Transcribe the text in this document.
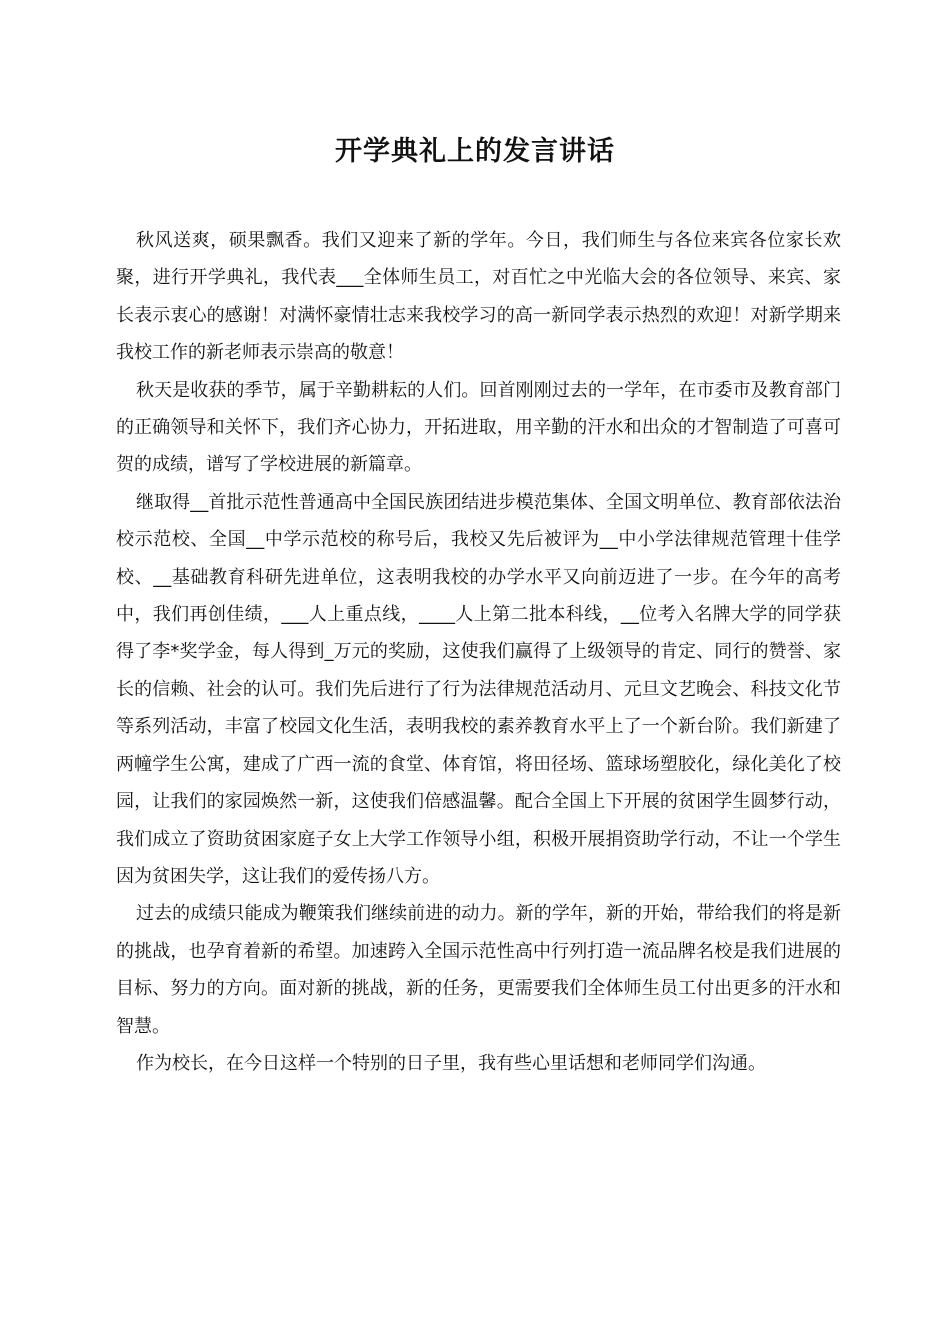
开学典礼上的发言讲话

秋风送爽，硕果飘香。我们又迎来了新的学年。今日，我们师生与各位来宾各位家长欢聚，进行开学典礼，我代表___全体师生员工，对百忙之中光临大会的各位领导、来宾、家长表示衷心的感谢！对满怀豪情壮志来我校学习的高一新同学表示热烈的欢迎！对新学期来我校工作的新老师表示崇高的敬意！

秋天是收获的季节，属于辛勤耕耘的人们。回首刚刚过去的一学年，在市委市及教育部门的正确领导和关怀下，我们齐心协力，开拓进取，用辛勤的汗水和出众的才智制造了可喜可贺的成绩，谱写了学校进展的新篇章。

继取得__首批示范性普通高中全国民族团结进步模范集体、全国文明单位、教育部依法治校示范校、全国__中学示范校的称号后，我校又先后被评为__中小学法律规范管理十佳学校、__基础教育科研先进单位，这表明我校的办学水平又向前迈进了一步。在今年的高考中，我们再创佳绩，___人上重点线，____人上第二批本科线，__位考入名牌大学的同学获得了李*奖学金，每人得到_万元的奖励，这使我们赢得了上级领导的肯定、同行的赞誉、家长的信赖、社会的认可。我们先后进行了行为法律规范活动月、元旦文艺晚会、科技文化节等系列活动，丰富了校园文化生活，表明我校的素养教育水平上了一个新台阶。我们新建了两幢学生公寓，建成了广西一流的食堂、体育馆，将田径场、篮球场塑胶化，绿化美化了校园，让我们的家园焕然一新，这使我们倍感温馨。配合全国上下开展的贫困学生圆梦行动，我们成立了资助贫困家庭子女上大学工作领导小组，积极开展捐资助学行动，不让一个学生因为贫困失学，这让我们的爱传扬八方。

过去的成绩只能成为鞭策我们继续前进的动力。新的学年，新的开始，带给我们的将是新的挑战，也孕育着新的希望。加速跨入全国示范性高中行列打造一流品牌名校是我们进展的目标、努力的方向。面对新的挑战，新的任务，更需要我们全体师生员工付出更多的汗水和智慧。

作为校长，在今日这样一个特别的日子里，我有些心里话想和老师同学们沟通。
